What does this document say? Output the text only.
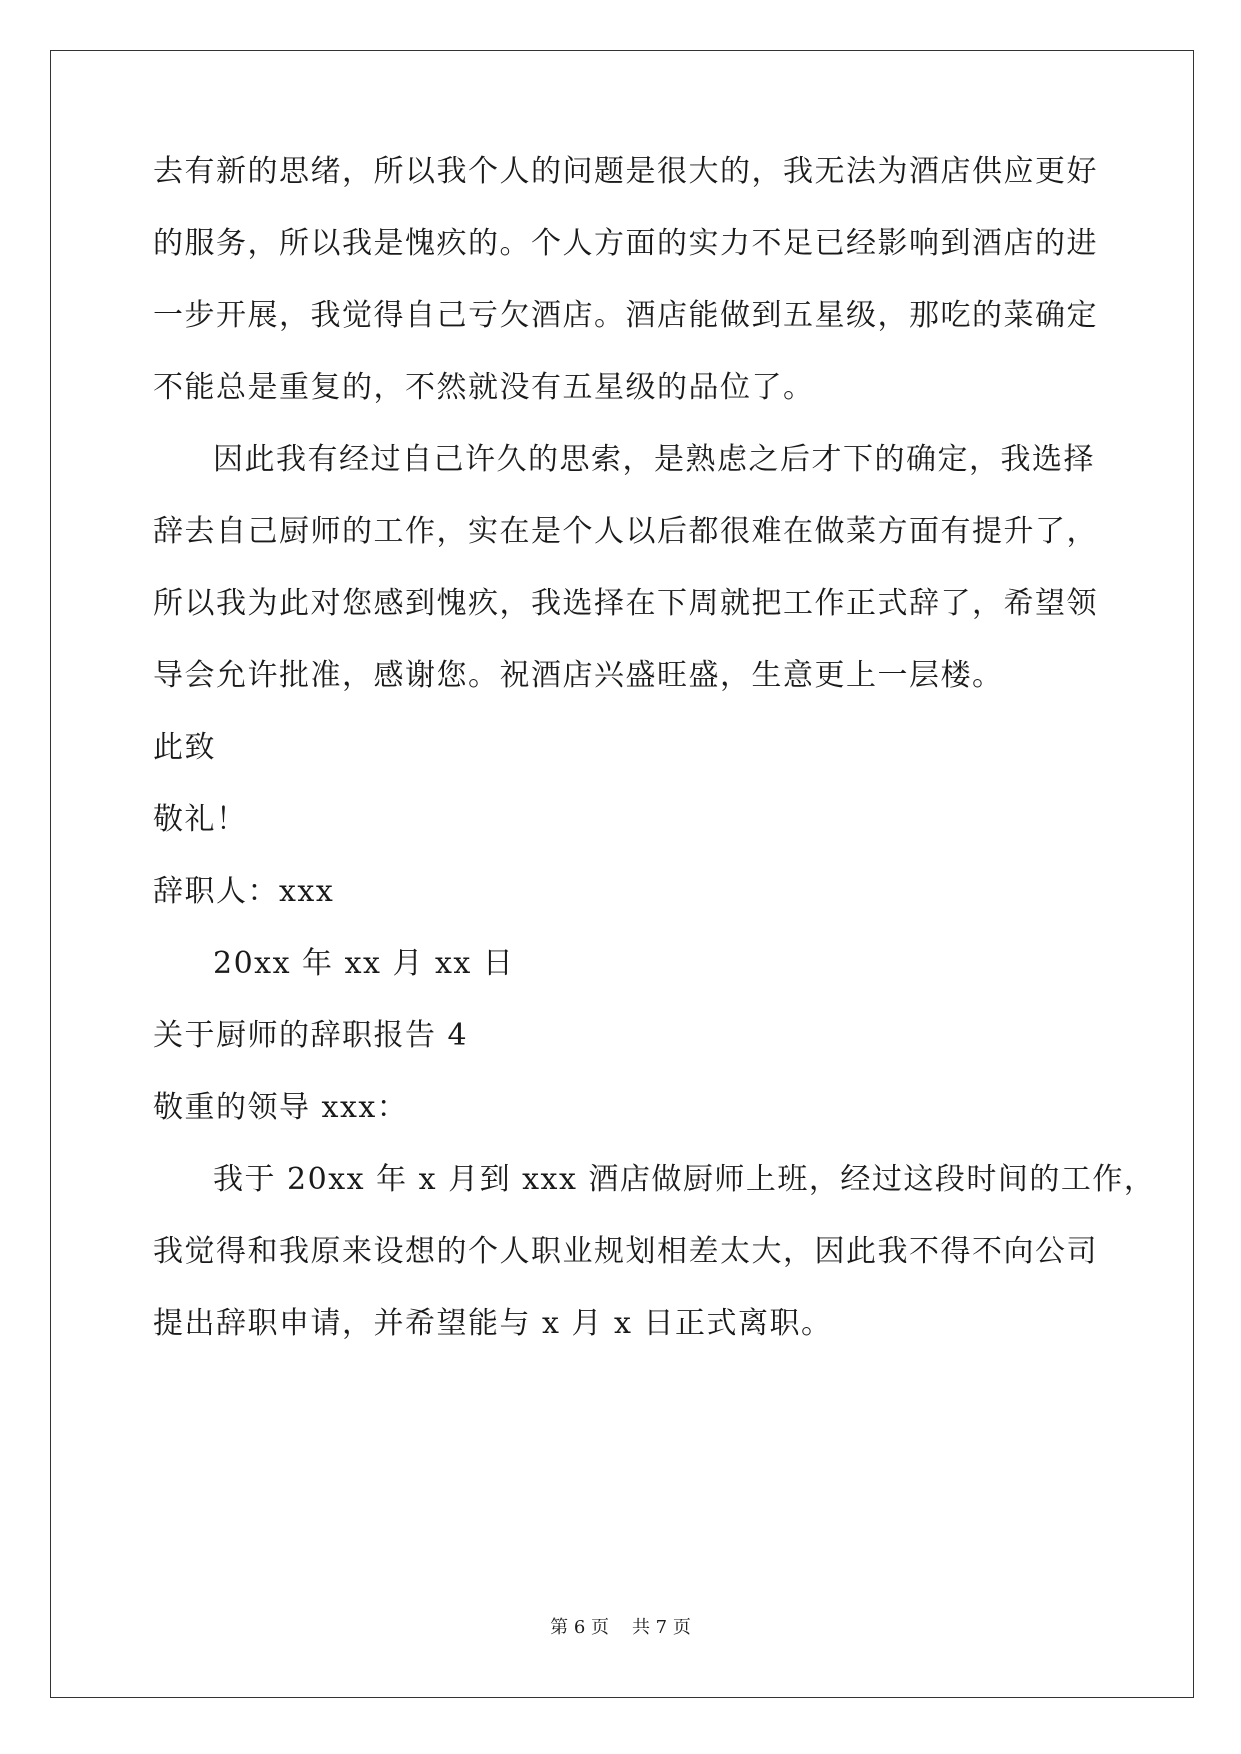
去有新的思绪，所以我个人的问题是很大的，我无法为酒店供应更好
的服务，所以我是愧疚的。个人方面的实力不足已经影响到酒店的进
一步开展，我觉得自己亏欠酒店。酒店能做到五星级，那吃的菜确定
不能总是重复的，不然就没有五星级的品位了。
因此我有经过自己许久的思索，是熟虑之后才下的确定，我选择
辞去自己厨师的工作，实在是个人以后都很难在做菜方面有提升了，
所以我为此对您感到愧疚，我选择在下周就把工作正式辞了，希望领
导会允许批准，感谢您。祝酒店兴盛旺盛，生意更上一层楼。
此致
敬礼！
辞职人：xxx
20xx 年 xx 月 xx 日
关于厨师的辞职报告 4
敬重的领导 xxx：
我于 20xx 年 x 月到 xxx 酒店做厨师上班，经过这段时间的工作，
我觉得和我原来设想的个人职业规划相差太大，因此我不得不向公司
提出辞职申请，并希望能与 x 月 x 日正式离职。
第 6 页    共 7 页
